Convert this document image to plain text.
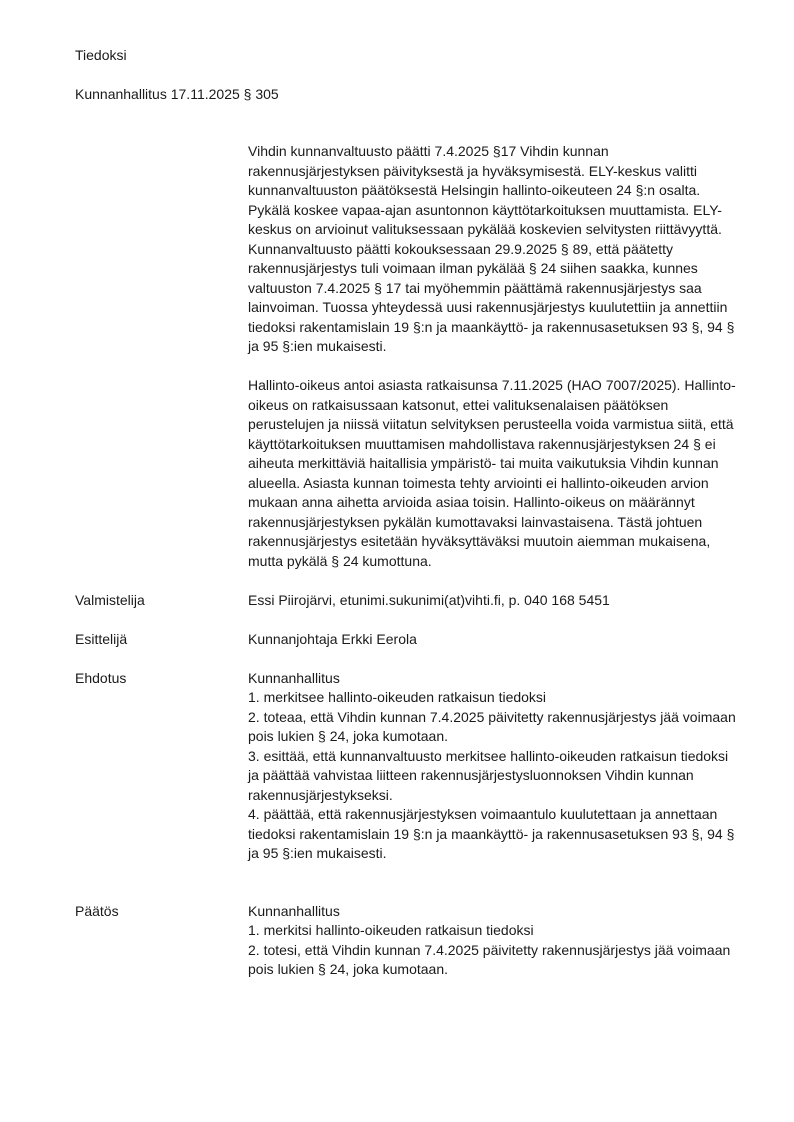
Tiedoksi

Kunnanhallitus 17.11.2025 § 305

Vihdin kunnanvaltuusto päätti 7.4.2025 §17 Vihdin kunnan rakennusjärjestyksen päivityksestä ja hyväksymisestä. ELY-keskus valitti kunnanvaltuuston päätöksestä Helsingin hallinto-oikeuteen 24 §:n osalta. Pykälä koskee vapaa-ajan asuntonnon käyttötarkoituksen muuttamista. ELY-keskus on arvioinut valituksessaan pykälää koskevien selvitysten riittävyyttä. Kunnanvaltuusto päätti kokouksessaan 29.9.2025 § 89, että päätetty rakennusjärjestys tuli voimaan ilman pykälää § 24 siihen saakka, kunnes valtuuston 7.4.2025 § 17 tai myöhemmin päättämä rakennusjärjestys saa lainvoiman. Tuossa yhteydessä uusi rakennusjärjestys kuulutettiin ja annettiin tiedoksi rakentamislain 19 §:n ja maankäyttö- ja rakennusasetuksen 93 §, 94 § ja 95 §:ien mukaisesti.

Hallinto-oikeus antoi asiasta ratkaisunsa 7.11.2025 (HAO 7007/2025). Hallinto-oikeus on ratkaisussaan katsonut, ettei valituksenalaisen päätöksen perustelujen ja niissä viitatun selvityksen perusteella voida varmistua siitä, että käyttötarkoituksen muuttamisen mahdollistava rakennusjärjestyksen 24 § ei aiheuta merkittäviä haitallisia ympäristö- tai muita vaikutuksia Vihdin kunnan alueella. Asiasta kunnan toimesta tehty arviointi ei hallinto-oikeuden arvion mukaan anna aihetta arvioida asiaa toisin. Hallinto-oikeus on määrännyt rakennusjärjestyksen pykälän kumottavaksi lainvastaisena. Tästä johtuen rakennusjärjestys esitetään hyväksyttäväksi muutoin aiemman mukaisena, mutta pykälä § 24 kumottuna.

Valmistelija	Essi Piirojärvi, etunimi.sukunimi(at)vihti.fi, p. 040 168 5451
Esittelijä	Kunnanjohtaja Erkki Eerola
Ehdotus	Kunnanhallitus
1. merkitsee hallinto-oikeuden ratkaisun tiedoksi
2. toteaa, että Vihdin kunnan 7.4.2025 päivitetty rakennusjärjestys jää voimaan pois lukien § 24, joka kumotaan.
3. esittää, että kunnanvaltuusto merkitsee hallinto-oikeuden ratkaisun tiedoksi ja päättää vahvistaa liitteen rakennusjärjestysluonnoksen Vihdin kunnan rakennusjärjestykseksi.
4. päättää, että rakennusjärjestyksen voimaantulo kuulutettaan ja annettaan tiedoksi rakentamislain 19 §:n ja maankäyttö- ja rakennusasetuksen 93 §, 94 § ja 95 §:ien mukaisesti.
Päätös	Kunnanhallitus
1. merkitsi hallinto-oikeuden ratkaisun tiedoksi
2. totesi, että Vihdin kunnan 7.4.2025 päivitetty rakennusjärjestys jää voimaan pois lukien § 24, joka kumotaan.
